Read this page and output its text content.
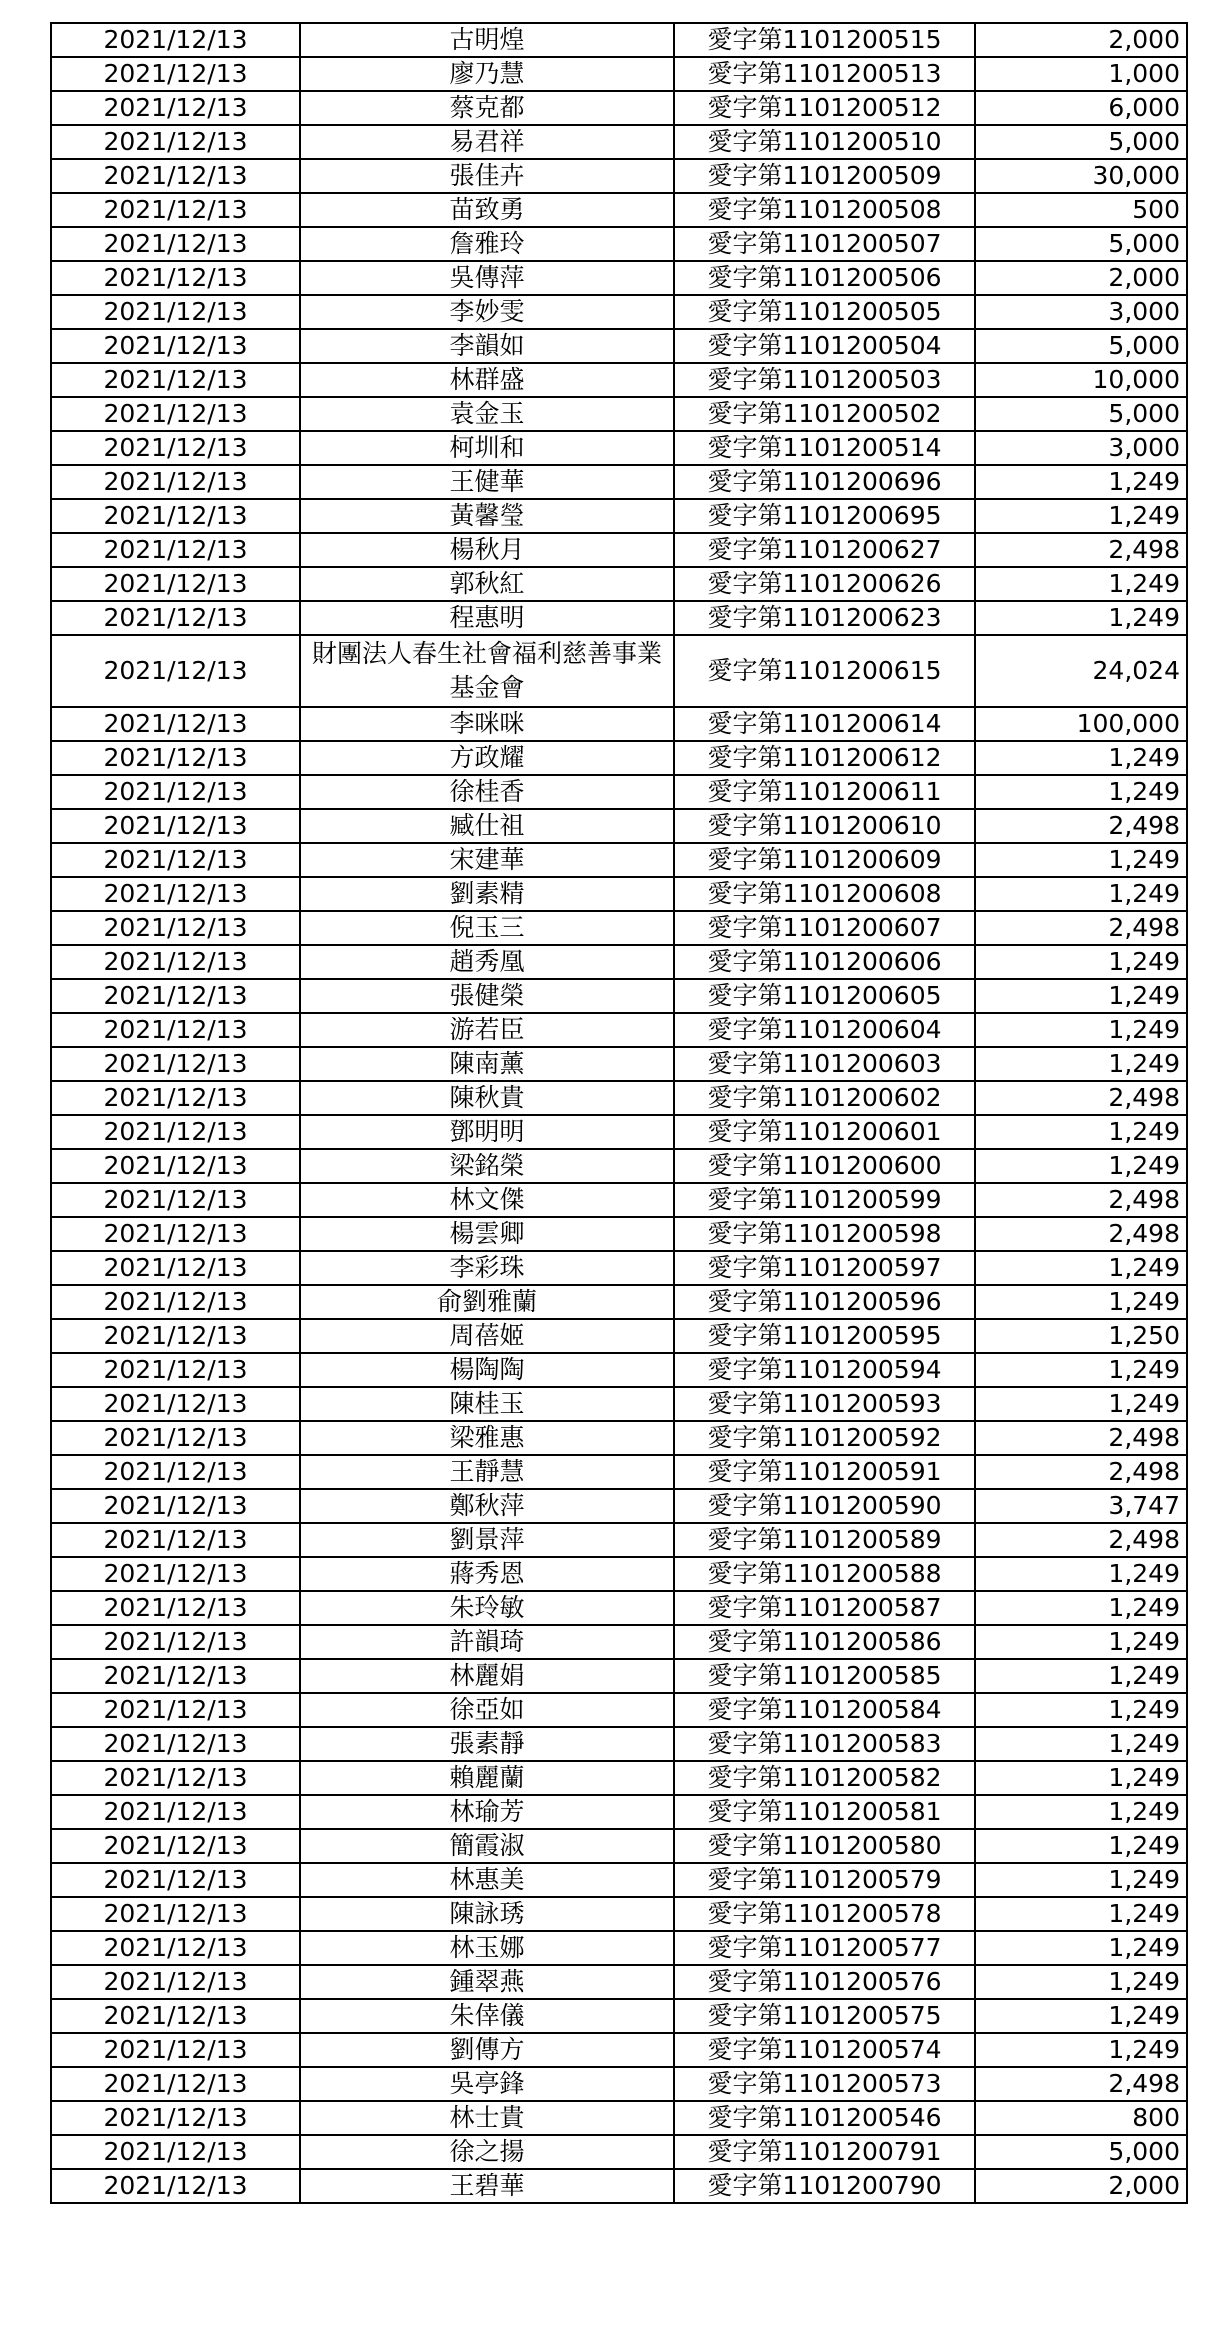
2021/12/13	古明煌	愛字第1101200515	2,000
2021/12/13	廖乃慧	愛字第1101200513	1,000
2021/12/13	蔡克都	愛字第1101200512	6,000
2021/12/13	易君祥	愛字第1101200510	5,000
2021/12/13	張佳卉	愛字第1101200509	30,000
2021/12/13	苗致勇	愛字第1101200508	500
2021/12/13	詹雅玲	愛字第1101200507	5,000
2021/12/13	吳傳萍	愛字第1101200506	2,000
2021/12/13	李妙雯	愛字第1101200505	3,000
2021/12/13	李韻如	愛字第1101200504	5,000
2021/12/13	林群盛	愛字第1101200503	10,000
2021/12/13	袁金玉	愛字第1101200502	5,000
2021/12/13	柯圳和	愛字第1101200514	3,000
2021/12/13	王健華	愛字第1101200696	1,249
2021/12/13	黃馨瑩	愛字第1101200695	1,249
2021/12/13	楊秋月	愛字第1101200627	2,498
2021/12/13	郭秋紅	愛字第1101200626	1,249
2021/12/13	程惠明	愛字第1101200623	1,249
2021/12/13	財團法人春生社會福利慈善事業基金會	愛字第1101200615	24,024
2021/12/13	李咪咪	愛字第1101200614	100,000
2021/12/13	方政耀	愛字第1101200612	1,249
2021/12/13	徐桂香	愛字第1101200611	1,249
2021/12/13	臧仕祖	愛字第1101200610	2,498
2021/12/13	宋建華	愛字第1101200609	1,249
2021/12/13	劉素精	愛字第1101200608	1,249
2021/12/13	倪玉三	愛字第1101200607	2,498
2021/12/13	趙秀凰	愛字第1101200606	1,249
2021/12/13	張健榮	愛字第1101200605	1,249
2021/12/13	游若臣	愛字第1101200604	1,249
2021/12/13	陳南薰	愛字第1101200603	1,249
2021/12/13	陳秋貴	愛字第1101200602	2,498
2021/12/13	鄧明明	愛字第1101200601	1,249
2021/12/13	梁銘榮	愛字第1101200600	1,249
2021/12/13	林文傑	愛字第1101200599	2,498
2021/12/13	楊雲卿	愛字第1101200598	2,498
2021/12/13	李彩珠	愛字第1101200597	1,249
2021/12/13	俞劉雅蘭	愛字第1101200596	1,249
2021/12/13	周蓓姬	愛字第1101200595	1,250
2021/12/13	楊陶陶	愛字第1101200594	1,249
2021/12/13	陳桂玉	愛字第1101200593	1,249
2021/12/13	梁雅惠	愛字第1101200592	2,498
2021/12/13	王靜慧	愛字第1101200591	2,498
2021/12/13	鄭秋萍	愛字第1101200590	3,747
2021/12/13	劉景萍	愛字第1101200589	2,498
2021/12/13	蔣秀恩	愛字第1101200588	1,249
2021/12/13	朱玲敏	愛字第1101200587	1,249
2021/12/13	許韻琦	愛字第1101200586	1,249
2021/12/13	林麗娟	愛字第1101200585	1,249
2021/12/13	徐亞如	愛字第1101200584	1,249
2021/12/13	張素靜	愛字第1101200583	1,249
2021/12/13	賴麗蘭	愛字第1101200582	1,249
2021/12/13	林瑜芳	愛字第1101200581	1,249
2021/12/13	簡霞淑	愛字第1101200580	1,249
2021/12/13	林惠美	愛字第1101200579	1,249
2021/12/13	陳詠琇	愛字第1101200578	1,249
2021/12/13	林玉娜	愛字第1101200577	1,249
2021/12/13	鍾翠燕	愛字第1101200576	1,249
2021/12/13	朱倖儀	愛字第1101200575	1,249
2021/12/13	劉傳方	愛字第1101200574	1,249
2021/12/13	吳亭鋒	愛字第1101200573	2,498
2021/12/13	林士貴	愛字第1101200546	800
2021/12/13	徐之揚	愛字第1101200791	5,000
2021/12/13	王碧華	愛字第1101200790	2,000
